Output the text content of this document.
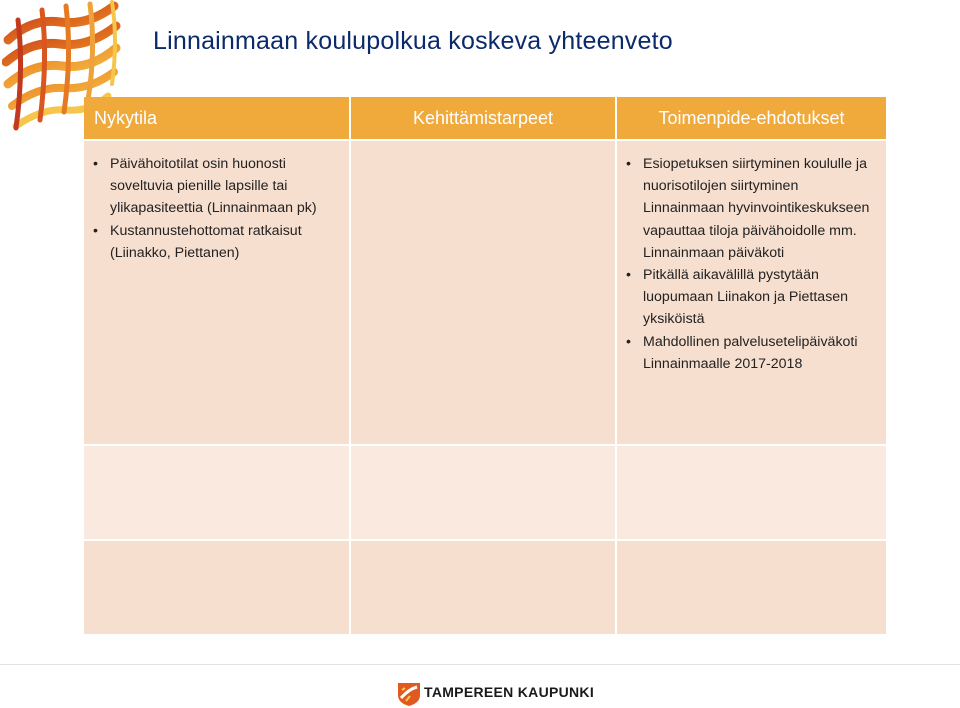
Linnainmaan koulupolkua koskeva yhteenveto
Nykytila	Kehittämistarpeet	Toimenpide-ehdotukset
• Päivähoitotilat osin huonosti soveltuvia pienille lapsille tai ylikapasiteettia (Linnainmaan pk)
• Kustannustehottomat ratkaisut (Liinakko, Piettanen)
• Esiopetuksen siirtyminen koululle ja nuorisotilojen siirtyminen Linnainmaan hyvinvointikeskukseen vapauttaa tiloja päivähoidolle mm. Linnainmaan päiväkoti
• Pitkällä aikavälillä pystytään luopumaan Liinakon ja Piettasen yksiköistä
• Mahdollinen palvelusetelipäiväkoti Linnainmaalle 2017-2018
TAMPEREEN KAUPUNKI
